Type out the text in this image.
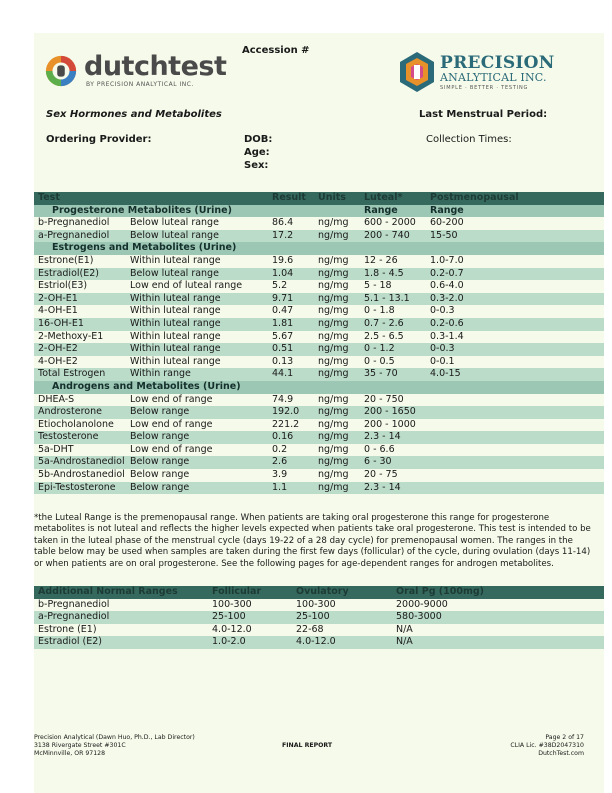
dutchtest
BY PRECISION ANALYTICAL INC.
Accession #
PRECISION
ANALYTICAL INC.
SIMPLE · BETTER · TESTING
Sex Hormones and Metabolites	Last Menstrual Period:
Ordering Provider:	DOB:
Age:
Sex:
Collection Times:
Test		Result	Units	Luteal*	Postmenopausal
Progesterone Metabolites (Urine)				Range	Range
b-Pregnanediol	Below luteal range	86.4	ng/mg	600 - 2000	60-200
a-Pregnanediol	Below luteal range	17.2	ng/mg	200 - 740	15-50
Estrogens and Metabolites (Urine)					
Estrone(E1)	Within luteal range	19.6	ng/mg	12 - 26	1.0-7.0
Estradiol(E2)	Below luteal range	1.04	ng/mg	1.8 - 4.5	0.2-0.7
Estriol(E3)	Low end of luteal range	5.2	ng/mg	5 - 18	0.6-4.0
2-OH-E1	Within luteal range	9.71	ng/mg	5.1 - 13.1	0.3-2.0
4-OH-E1	Within luteal range	0.47	ng/mg	0 - 1.8	0-0.3
16-OH-E1	Within luteal range	1.81	ng/mg	0.7 - 2.6	0.2-0.6
2-Methoxy-E1	Within luteal range	5.67	ng/mg	2.5 - 6.5	0.3-1.4
2-OH-E2	Within luteal range	0.51	ng/mg	0 - 1.2	0-0.3
4-OH-E2	Within luteal range	0.13	ng/mg	0 - 0.5	0-0.1
Total Estrogen	Within range	44.1	ng/mg	35 - 70	4.0-15
Androgens and Metabolites (Urine)					
DHEA-S	Low end of range	74.9	ng/mg	20 - 750	
Androsterone	Below range	192.0	ng/mg	200 - 1650	
Etiocholanolone	Low end of range	221.2	ng/mg	200 - 1000	
Testosterone	Below range	0.16	ng/mg	2.3 - 14	
5a-DHT	Low end of range	0.2	ng/mg	0 - 6.6	
5a-Androstanediol	Below range	2.6	ng/mg	6 - 30	
5b-Androstanediol	Below range	3.9	ng/mg	20 - 75	
Epi-Testosterone	Below range	1.1	ng/mg	2.3 - 14	
*the Luteal Range is the premenopausal range. When patients are taking oral progesterone this range for progesterone metabolites is not luteal and reflects the higher levels expected when patients take oral progesterone. This test is intended to be taken in the luteal phase of the menstrual cycle (days 19-22 of a 28 day cycle) for premenopausal women. The ranges in the table below may be used when samples are taken during the first few days (follicular) of the cycle, during ovulation (days 11-14) or when patients are on oral progesterone. See the following pages for age-dependent ranges for androgen metabolites.
Additional Normal Ranges	Follicular	Ovulatory	Oral Pg (100mg)
b-Pregnanediol	100-300	100-300	2000-9000
a-Pregnanediol	25-100	25-100	580-3000
Estrone (E1)	4.0-12.0	22-68	N/A
Estradiol (E2)	1.0-2.0	4.0-12.0	N/A
Precision Analytical (Dawn Huo, Ph.D., Lab Director)
3138 Rivergate Street #301C
McMinnville, OR 97128
FINAL REPORT
Page 2 of 17
CLIA Lic. #38D2047310
DutchTest.com
